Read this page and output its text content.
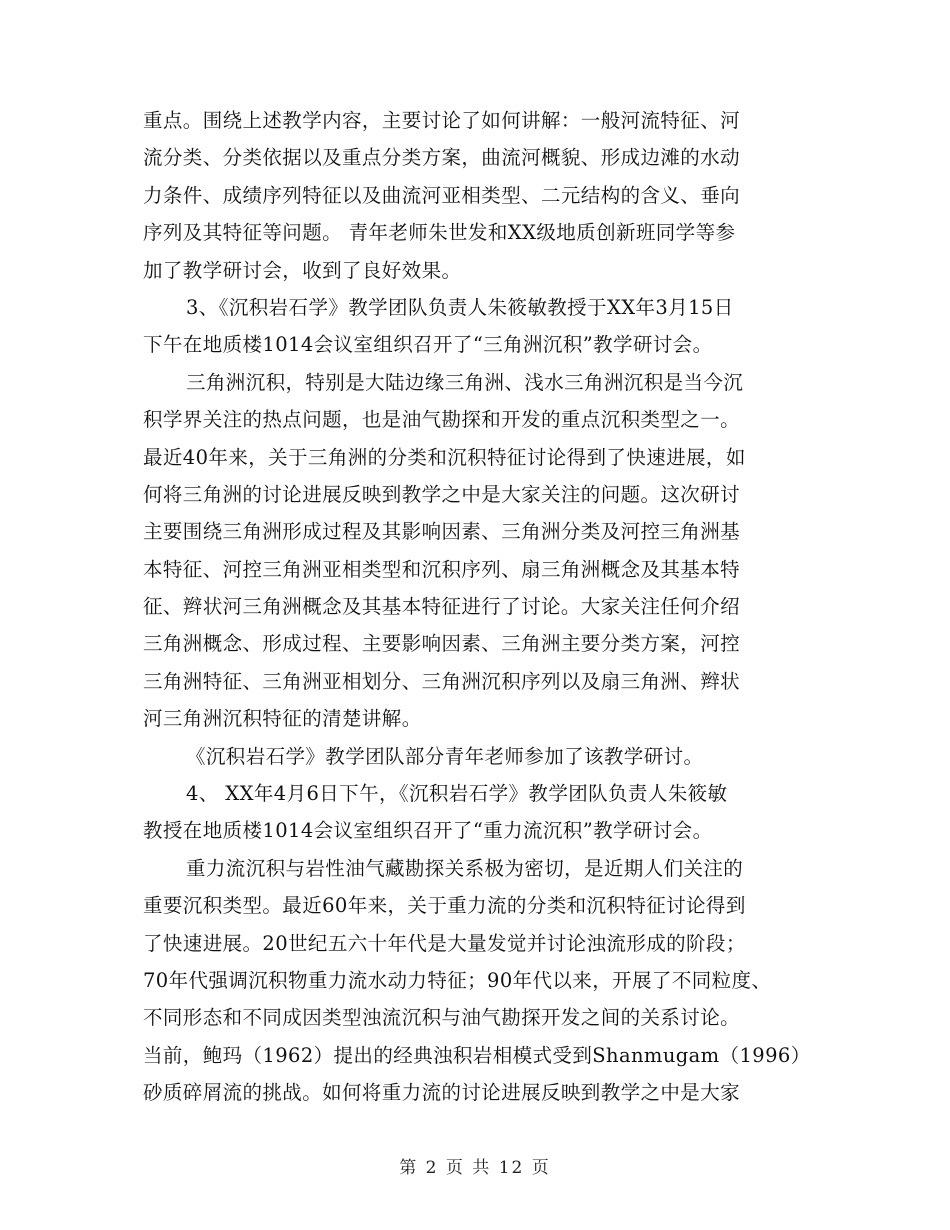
重点。围绕上述教学内容，主要讨论了如何讲解：一般河流特征、河
流分类、分类依据以及重点分类方案，曲流河概貌、形成边滩的水动
力条件、成绩序列特征以及曲流河亚相类型、二元结构的含义、垂向
序列及其特征等问题。 青年老师朱世发和XX级地质创新班同学等参
加了教学研讨会，收到了良好效果。
3、《沉积岩石学》教学团队负责人朱筱敏教授于XX年3月15日
下午在地质楼1014会议室组织召开了“三角洲沉积”教学研讨会。
三角洲沉积，特别是大陆边缘三角洲、浅水三角洲沉积是当今沉
积学界关注的热点问题，也是油气勘探和开发的重点沉积类型之一。
最近40年来，关于三角洲的分类和沉积特征讨论得到了快速进展，如
何将三角洲的讨论进展反映到教学之中是大家关注的问题。这次研讨
主要围绕三角洲形成过程及其影响因素、三角洲分类及河控三角洲基
本特征、河控三角洲亚相类型和沉积序列、扇三角洲概念及其基本特
征、辫状河三角洲概念及其基本特征进行了讨论。大家关注任何介绍
三角洲概念、形成过程、主要影响因素、三角洲主要分类方案，河控
三角洲特征、三角洲亚相划分、三角洲沉积序列以及扇三角洲、辫状
河三角洲沉积特征的清楚讲解。
《沉积岩石学》教学团队部分青年老师参加了该教学研讨。
4、 XX年4月6日下午，《沉积岩石学》教学团队负责人朱筱敏
教授在地质楼1014会议室组织召开了“重力流沉积”教学研讨会。
重力流沉积与岩性油气藏勘探关系极为密切，是近期人们关注的
重要沉积类型。最近60年来，关于重力流的分类和沉积特征讨论得到
了快速进展。20世纪五六十年代是大量发觉并讨论浊流形成的阶段；
70年代强调沉积物重力流水动力特征；90年代以来，开展了不同粒度、
不同形态和不同成因类型浊流沉积与油气勘探开发之间的关系讨论。
当前，鲍玛（1962）提出的经典浊积岩相模式受到Shanmugam（1996）
砂质碎屑流的挑战。如何将重力流的讨论进展反映到教学之中是大家
第 2 页 共 12 页
